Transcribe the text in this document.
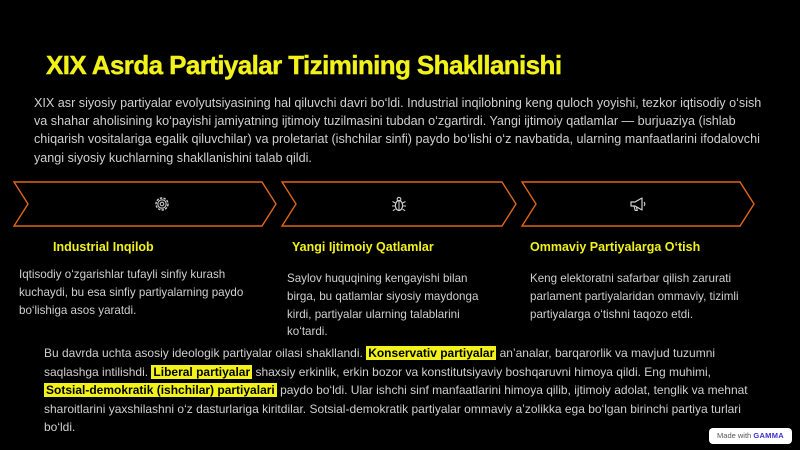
XIX Asrda Partiyalar Tizimining Shakllanishi

XIX asr siyosiy partiyalar evolyutsiyasining hal qiluvchi davri bo‘ldi. Industrial inqilobning keng quloch yoyishi, tezkor iqtisodiy o‘sish va shahar aholisining ko‘payishi jamiyatning ijtimoiy tuzilmasini tubdan o‘zgartirdi. Yangi ijtimoiy qatlamlar — burjuaziya (ishlab chiqarish vositalariga egalik qiluvchilar) va proletariat (ishchilar sinfi) paydo bo‘lishi o‘z navbatida, ularning manfaatlarini ifodalovchi yangi siyosiy kuchlarning shakllanishini talab qildi.

Industrial Inqilob	Yangi Ijtimoiy Qatlamlar	Ommaviy Partiyalarga O‘tish

Iqtisodiy o‘zgarishlar tufayli sinfiy kurash kuchaydi, bu esa sinfiy partiyalarning paydo bo‘lishiga asos yaratdi.

Saylov huquqining kengayishi bilan birga, bu qatlamlar siyosiy maydonga kirdi, partiyalar ularning talablarini ko‘tardi.

Keng elektoratni safarbar qilish zarurati parlament partiyalaridan ommaviy, tizimli partiyalarga o‘tishni taqozo etdi.

Bu davrda uchta asosiy ideologik partiyalar oilasi shakllandi. Konservativ partiyalar an’analar, barqarorlik va mavjud tuzumni saqlashga intilishdi. Liberal partiyalar shaxsiy erkinlik, erkin bozor va konstitutsiyaviy boshqaruvni himoya qildi. Eng muhimi, Sotsial-demokratik (ishchilar) partiyalari paydo bo‘ldi. Ular ishchi sinf manfaatlarini himoya qilib, ijtimoiy adolat, tenglik va mehnat sharoitlarini yaxshilashni o‘z dasturlariga kiritdilar. Sotsial-demokratik partiyalar ommaviy a’zolikka ega bo‘lgan birinchi partiya turlari bo‘ldi.

Made with GAMMA
